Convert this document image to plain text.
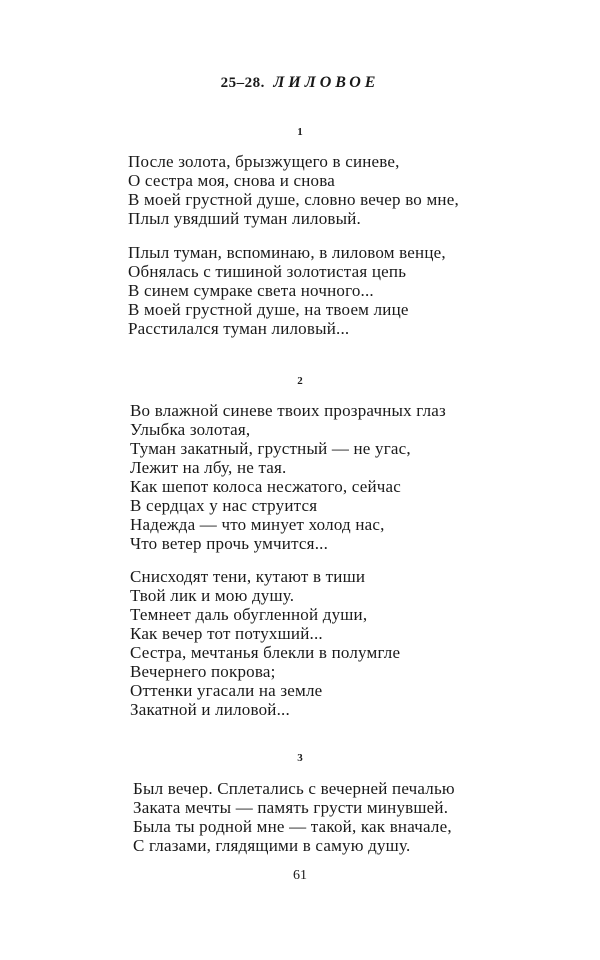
25–28. ЛИЛОВОЕ
1
После золота, брызжущего в синеве,
О сестра моя, снова и снова
В моей грустной душе, словно вечер во мне,
Плыл увядший туман лиловый.
Плыл туман, вспоминаю, в лиловом венце,
Обнялась с тишиной золотистая цепь
В синем сумраке света ночного...
В моей грустной душе, на твоем лице
Расстилался туман лиловый...
2
Во влажной синеве твоих прозрачных глаз
Улыбка золотая,
Туман закатный, грустный — не угас,
Лежит на лбу, не тая.
Как шепот колоса несжатого, сейчас
В сердцах у нас струится
Надежда — что минует холод нас,
Что ветер прочь умчится...
Снисходят тени, кутают в тиши
Твой лик и мою душу.
Темнеет даль обугленной души,
Как вечер тот потухший...
Сестра, мечтанья блекли в полумгле
Вечернего покрова;
Оттенки угасали на земле
Закатной и лиловой...
3
Был вечер. Сплетались с вечерней печалью
Заката мечты — память грусти минувшей.
Была ты родной мне — такой, как вначале,
С глазами, глядящими в самую душу.
61
